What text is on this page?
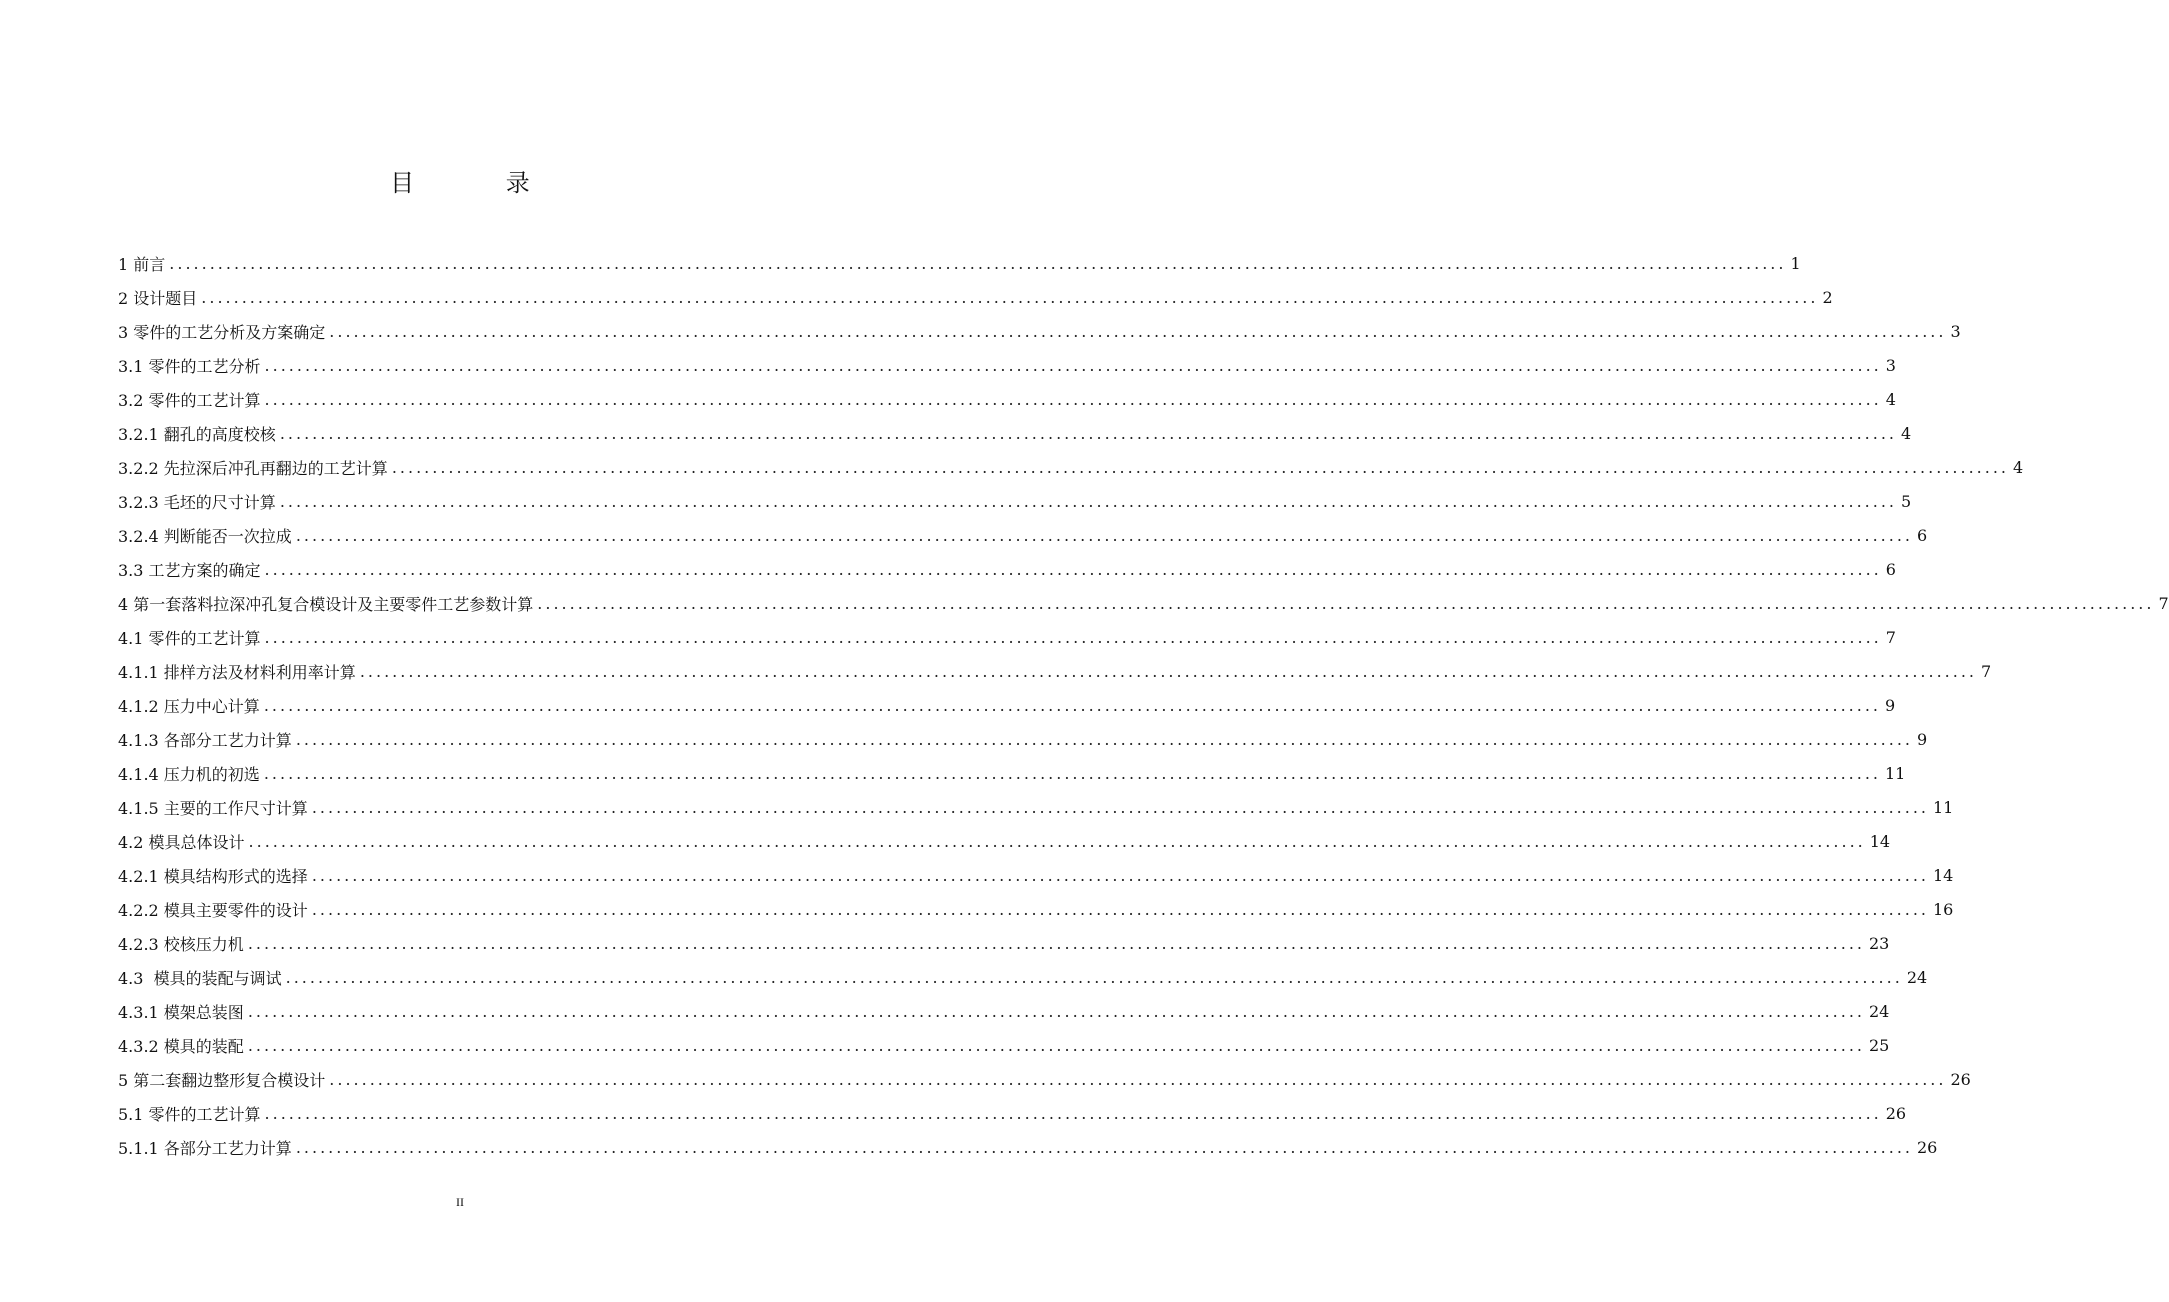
目 录
1 前言 ........................................................................................................................................................................................................ 1
2 设计题目 ........................................................................................................................................................................................................ 2
3 零件的工艺分析及方案确定 ........................................................................................................................................................................................................ 3
3.1 零件的工艺分析 ........................................................................................................................................................................................................ 3
3.2 零件的工艺计算 ........................................................................................................................................................................................................ 4
3.2.1 翻孔的高度校核 ........................................................................................................................................................................................................ 4
3.2.2 先拉深后冲孔再翻边的工艺计算 ........................................................................................................................................................................................................ 4
3.2.3 毛坯的尺寸计算 ........................................................................................................................................................................................................ 5
3.2.4 判断能否一次拉成 ........................................................................................................................................................................................................ 6
3.3 工艺方案的确定 ........................................................................................................................................................................................................ 6
4 第一套落料拉深冲孔复合模设计及主要零件工艺参数计算 ........................................................................................................................................................................................................ 7
4.1 零件的工艺计算 ........................................................................................................................................................................................................ 7
4.1.1 排样方法及材料利用率计算 ........................................................................................................................................................................................................ 7
4.1.2 压力中心计算 ........................................................................................................................................................................................................ 9
4.1.3 各部分工艺力计算 ........................................................................................................................................................................................................ 9
4.1.4 压力机的初选 ........................................................................................................................................................................................................ 11
4.1.5 主要的工作尺寸计算 ........................................................................................................................................................................................................ 11
4.2 模具总体设计 ........................................................................................................................................................................................................ 14
4.2.1 模具结构形式的选择 ........................................................................................................................................................................................................ 14
4.2.2 模具主要零件的设计 ........................................................................................................................................................................................................ 16
4.2.3 校核压力机 ........................................................................................................................................................................................................ 23
4.3  模具的装配与调试 ........................................................................................................................................................................................................ 24
4.3.1 模架总装图 ........................................................................................................................................................................................................ 24
4.3.2 模具的装配 ........................................................................................................................................................................................................ 25
5 第二套翻边整形复合模设计 ........................................................................................................................................................................................................ 26
5.1 零件的工艺计算 ........................................................................................................................................................................................................ 26
5.1.1 各部分工艺力计算 ........................................................................................................................................................................................................ 26
II
